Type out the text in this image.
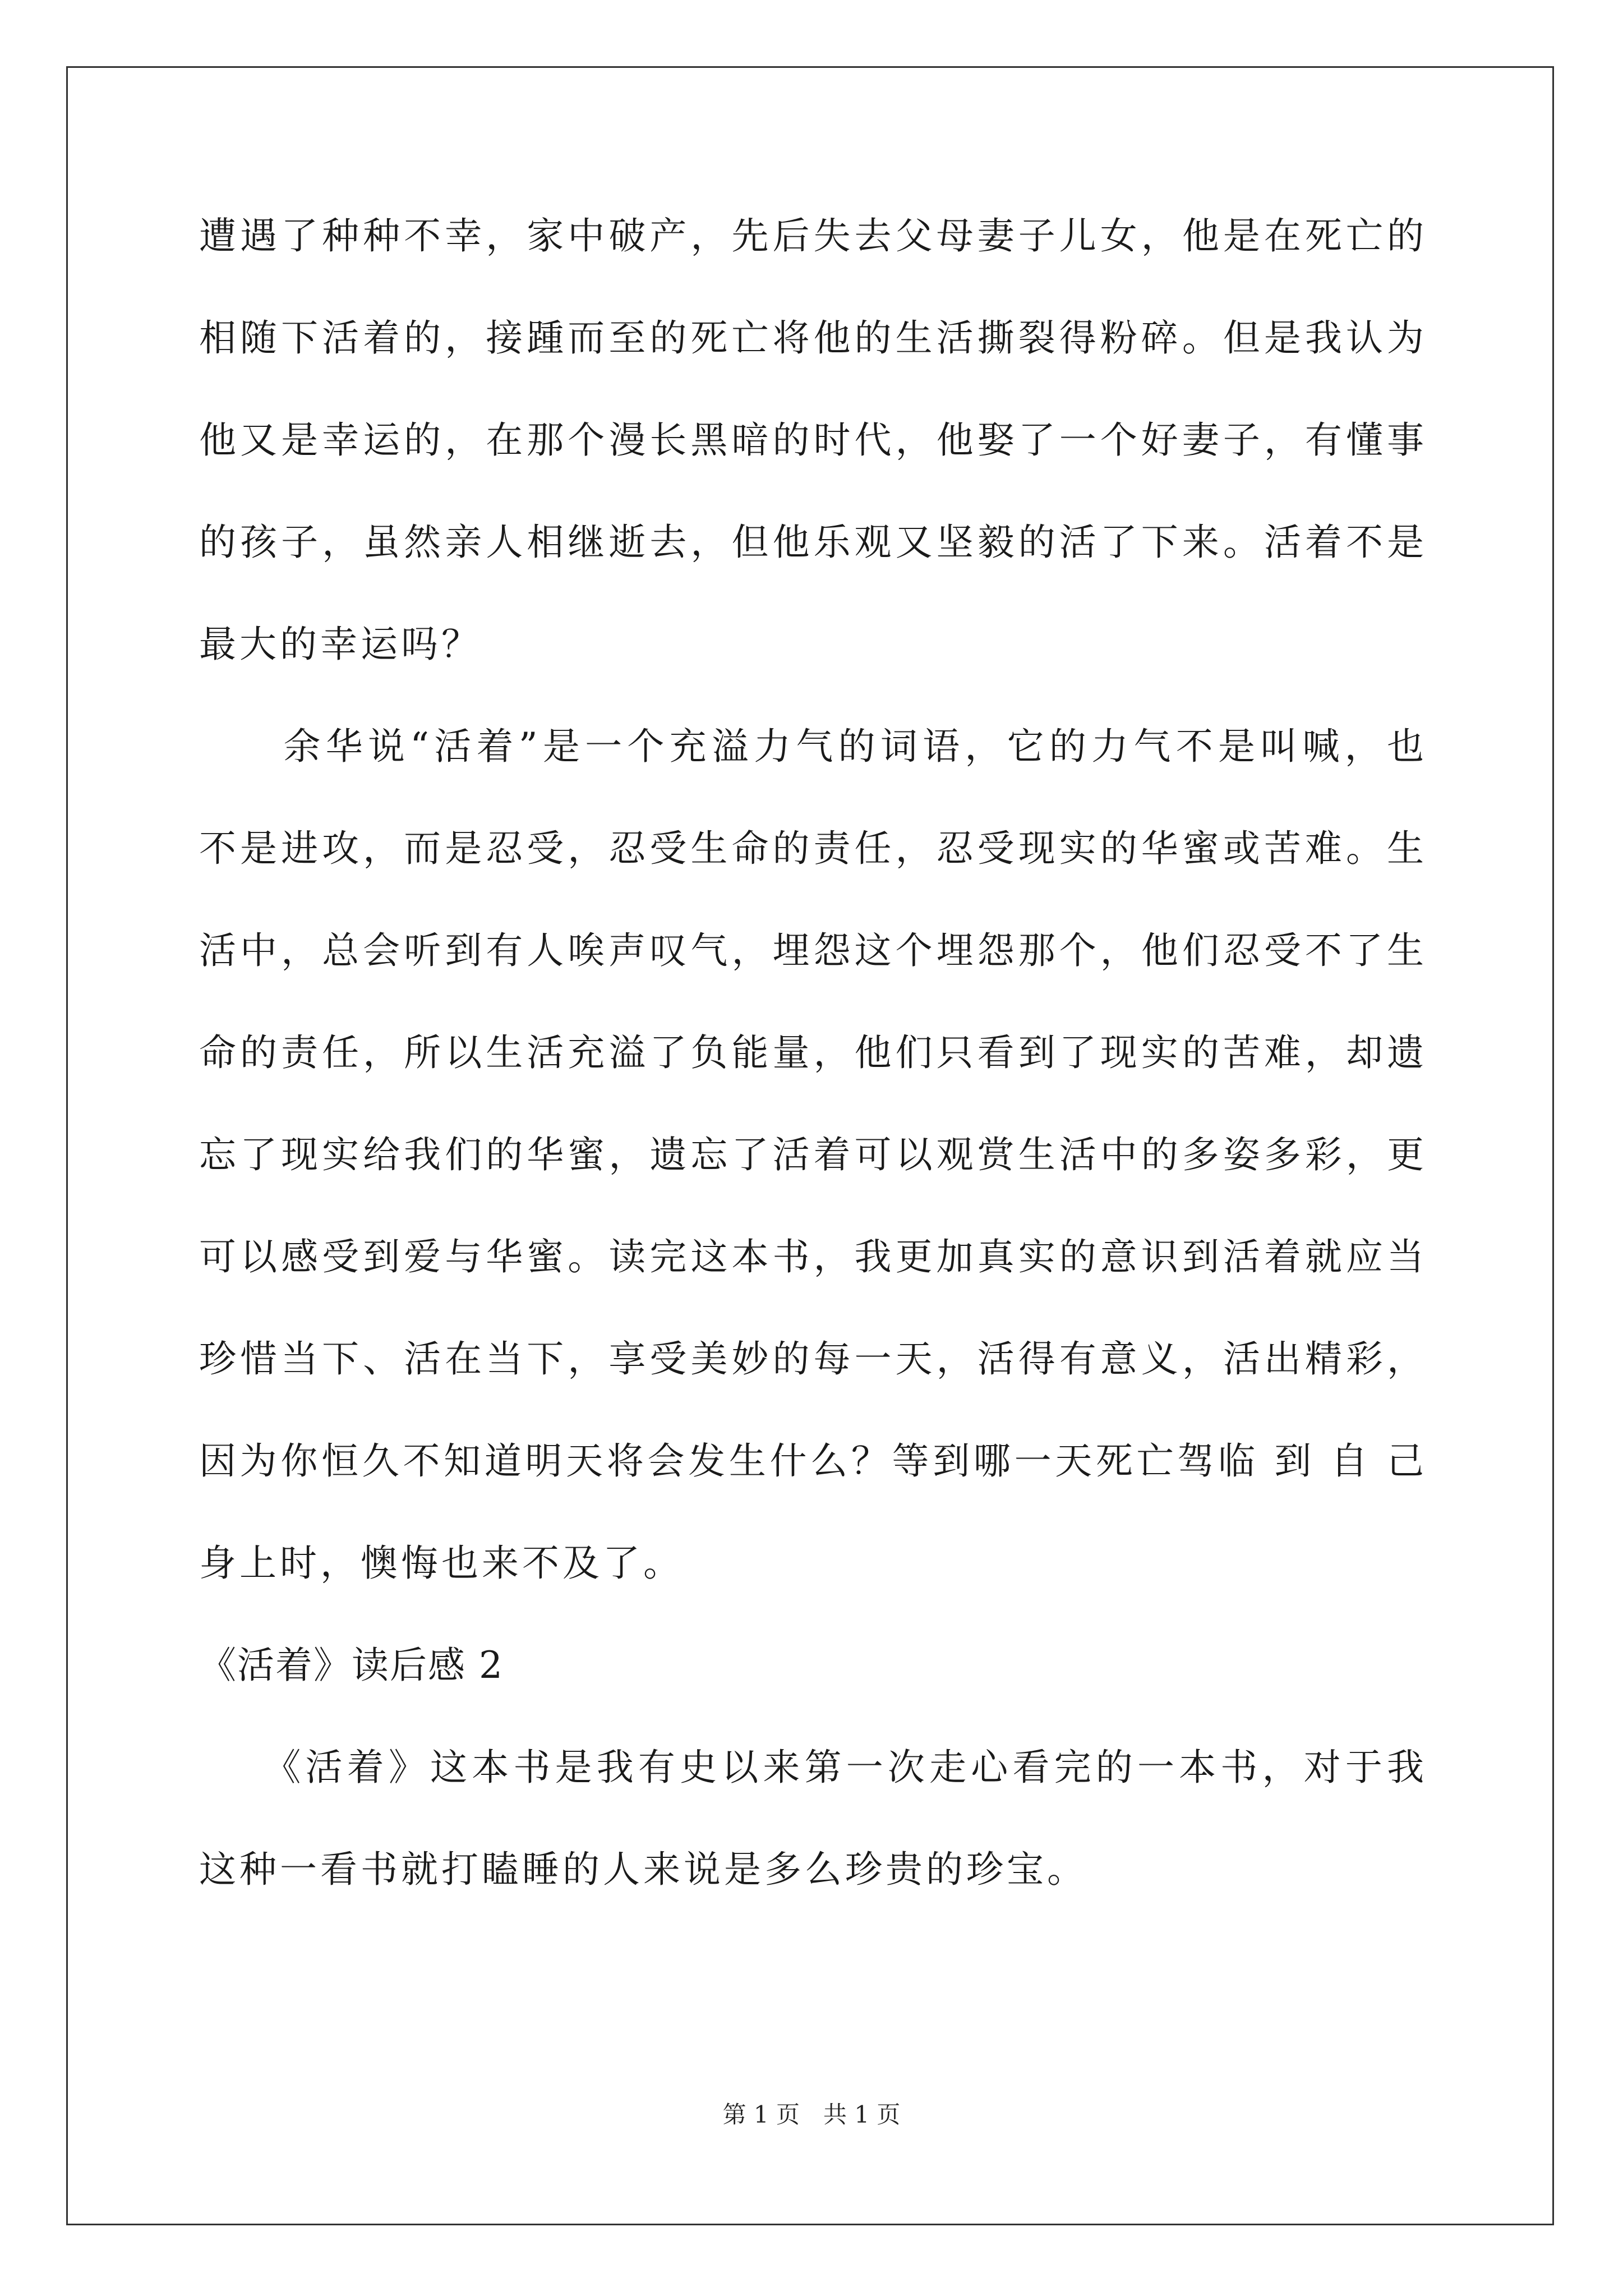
遭遇了种种不幸，家中破产，先后失去父母妻子儿女，他是在死亡的
相随下活着的，接踵而至的死亡将他的生活撕裂得粉碎。但是我认为
他又是幸运的，在那个漫长黑暗的时代，他娶了一个好妻子，有懂事
的孩子，虽然亲人相继逝去，但他乐观又坚毅的活了下来。活着不是
最大的幸运吗？
　　余华说“活着”是一个充溢力气的词语，它的力气不是叫喊，也
不是进攻，而是忍受，忍受生命的责任，忍受现实的华蜜或苦难。生
活中，总会听到有人唉声叹气，埋怨这个埋怨那个，他们忍受不了生
命的责任，所以生活充溢了负能量，他们只看到了现实的苦难，却遗
忘了现实给我们的华蜜，遗忘了活着可以观赏生活中的多姿多彩，更
可以感受到爱与华蜜。读完这本书，我更加真实的意识到活着就应当
珍惜当下、活在当下，享受美妙的每一天，活得有意义，活出精彩，
因为你恒久不知道明天将会发生什么？等到哪一天死亡驾临 到 自 己
身上时，懊悔也来不及了。
《活着》读后感 2
　　《活着》这本书是我有史以来第一次走心看完的一本书，对于我
这种一看书就打瞌睡的人来说是多么珍贵的珍宝。
第 1 页　共 1 页
